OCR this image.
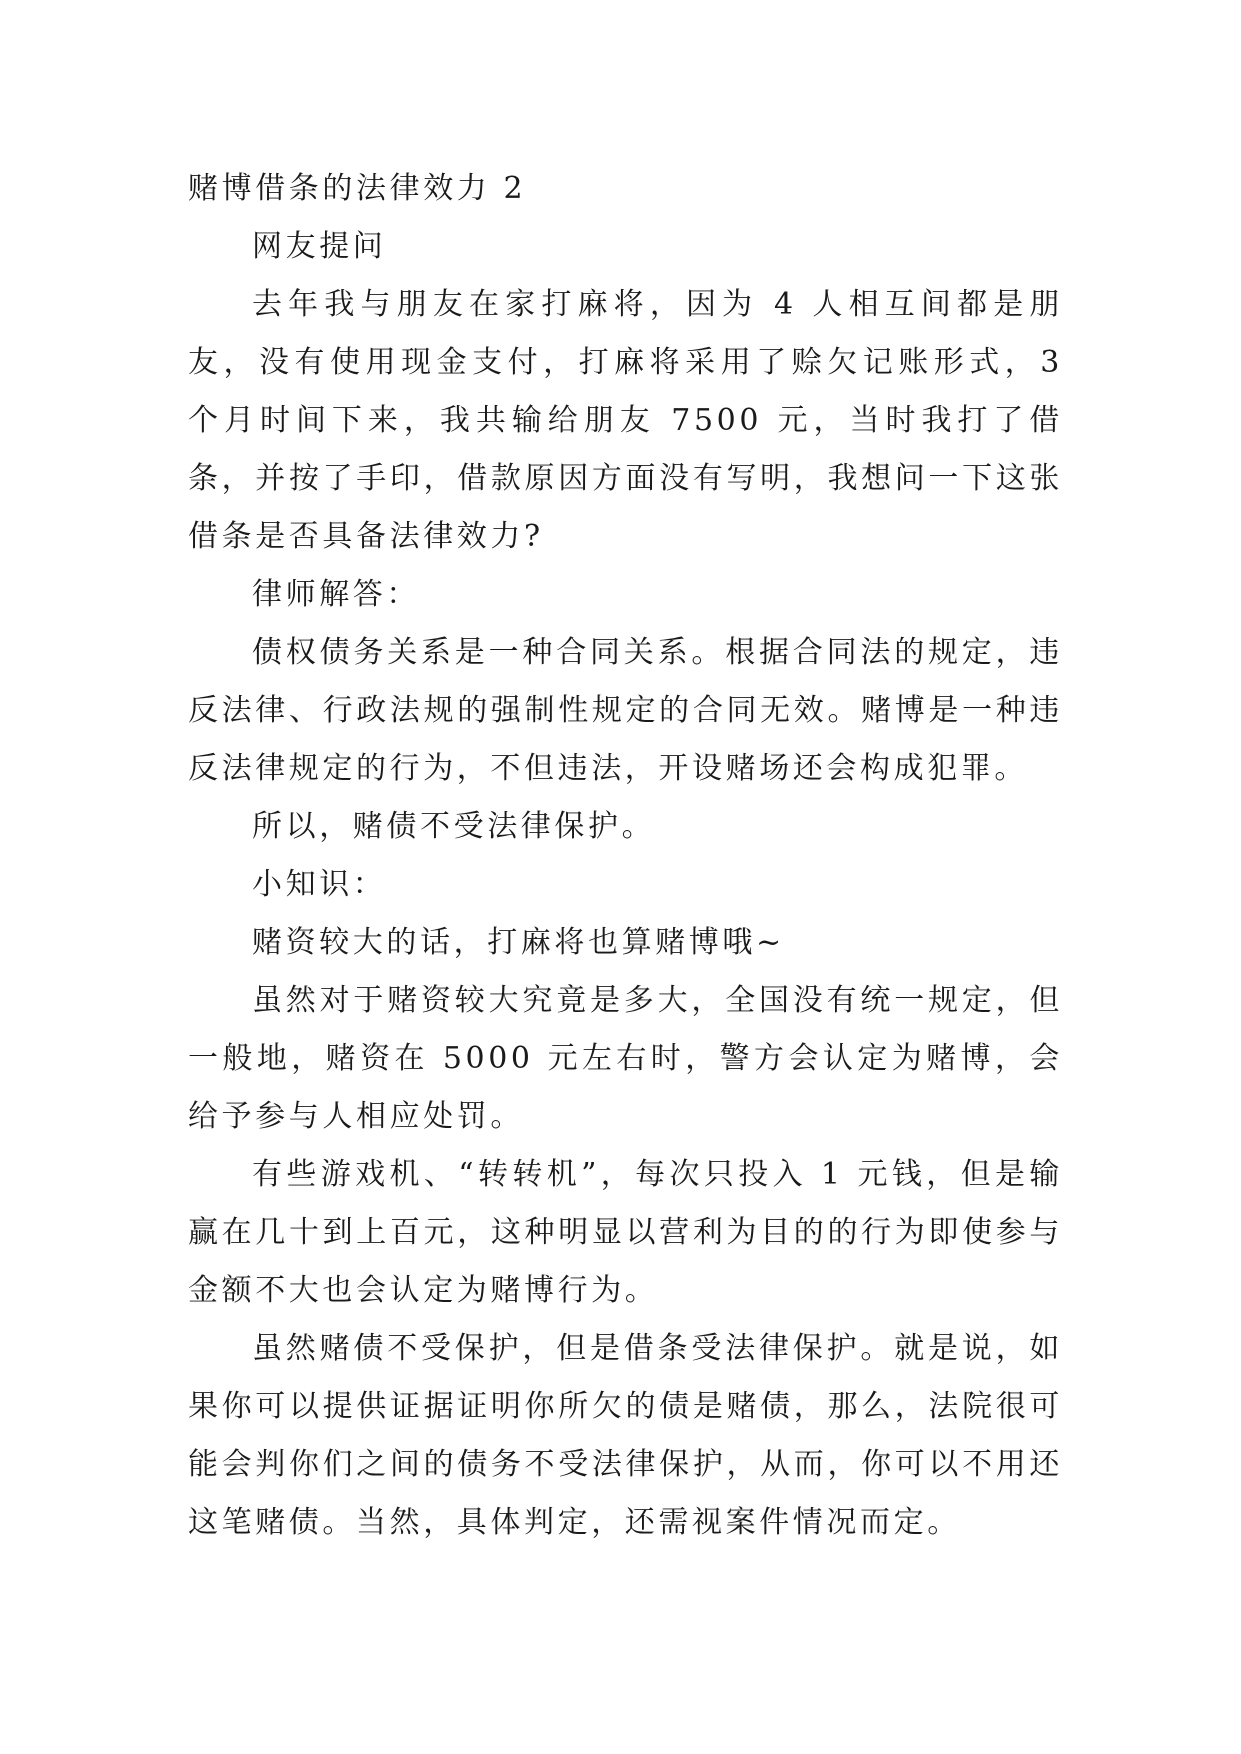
赌博借条的法律效力 2

网友提问

去年我与朋友在家打麻将，因为 4 人相互间都是朋友，没有使用现金支付，打麻将采用了赊欠记账形式，3 个月时间下来，我共输给朋友 7500 元，当时我打了借条，并按了手印，借款原因方面没有写明，我想问一下这张借条是否具备法律效力?

律师解答：

债权债务关系是一种合同关系。根据合同法的规定，违反法律、行政法规的强制性规定的合同无效。赌博是一种违反法律规定的行为，不但违法，开设赌场还会构成犯罪。

所以，赌债不受法律保护。

小知识：

赌资较大的话，打麻将也算赌博哦~

虽然对于赌资较大究竟是多大，全国没有统一规定，但一般地，赌资在 5000 元左右时，警方会认定为赌博，会给予参与人相应处罚。

有些游戏机、“转转机”，每次只投入 1 元钱，但是输赢在几十到上百元，这种明显以营利为目的的行为即使参与金额不大也会认定为赌博行为。

虽然赌债不受保护，但是借条受法律保护。就是说，如果你可以提供证据证明你所欠的债是赌债，那么，法院很可能会判你们之间的债务不受法律保护，从而，你可以不用还这笔赌债。当然，具体判定，还需视案件情况而定。
